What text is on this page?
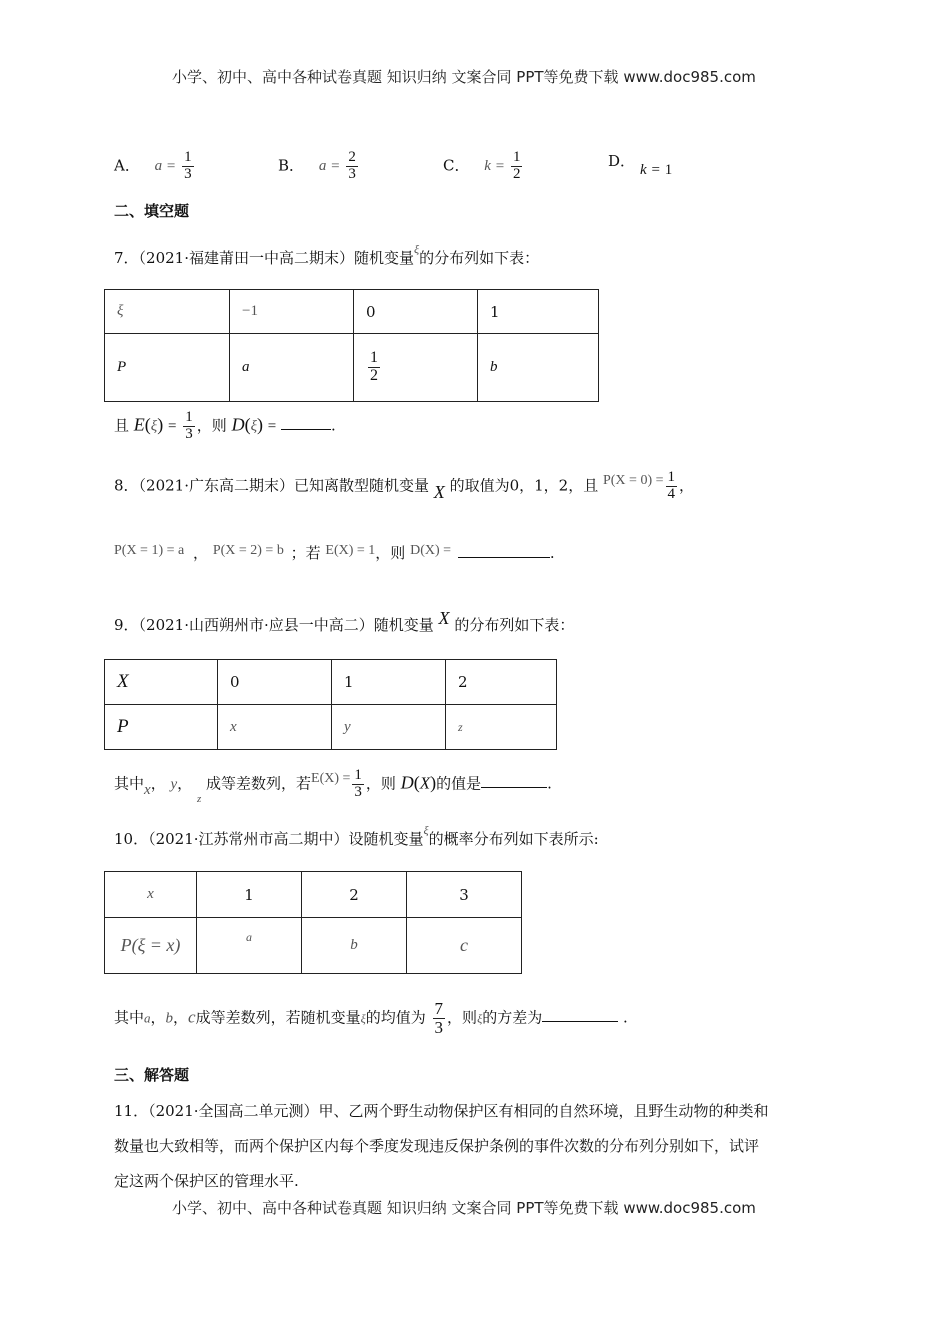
小学、初中、高中各种试卷真题 知识归纳 文案合同 PPT等免费下载 www.doc985.com
A． $a = \frac{1}{3}$	B． $a = \frac{2}{3}$	C． $k = \frac{1}{2}$	D． k = 1
二、填空题
7．（2021·福建莆田一中高二期末）随机变量$^\xi$的分布列如下表：
ξ	−1	0	1
P	a	$\frac{1}{2}$	b
且 $E(\xi) = \frac{1}{3}$ ，则 D(ξ) =	.
8．（2021·广东高二期末）已知离散型随机变量 X 的取值为0，1，2，且 $P(X = 0) = \frac{1}{4}$ ，
P(X = 1) = a ， P(X = 2) = b ；若 E(X) = 1，则 D(X) =	.
9．（2021·山西朔州市·应县一中高二）随机变量 X 的分布列如下表：
X	0	1	2
P	x	y	z
其中x， y， $_z$ 成等差数列，若$E(X) = \frac{1}{3}$ ，则 D(X)的值是	.
10．（2021·江苏常州市高二期中）设随机变量$^\xi$的概率分布列如下表所示:
x	1	2	3
P(ξ = x)	a	b	c
其中a，b，c成等差数列，若随机变量ξ的均值为 $\frac{7}{3}$ ，则ξ的方差为	.
三、解答题
11．（2021·全国高二单元测）甲、乙两个野生动物保护区有相同的自然环境，且野生动物的种类和
数量也大致相等，而两个保护区内每个季度发现违反保护条例的事件次数的分布列分别如下，试评
定这两个保护区的管理水平.
小学、初中、高中各种试卷真题 知识归纳 文案合同 PPT等免费下载 www.doc985.com
